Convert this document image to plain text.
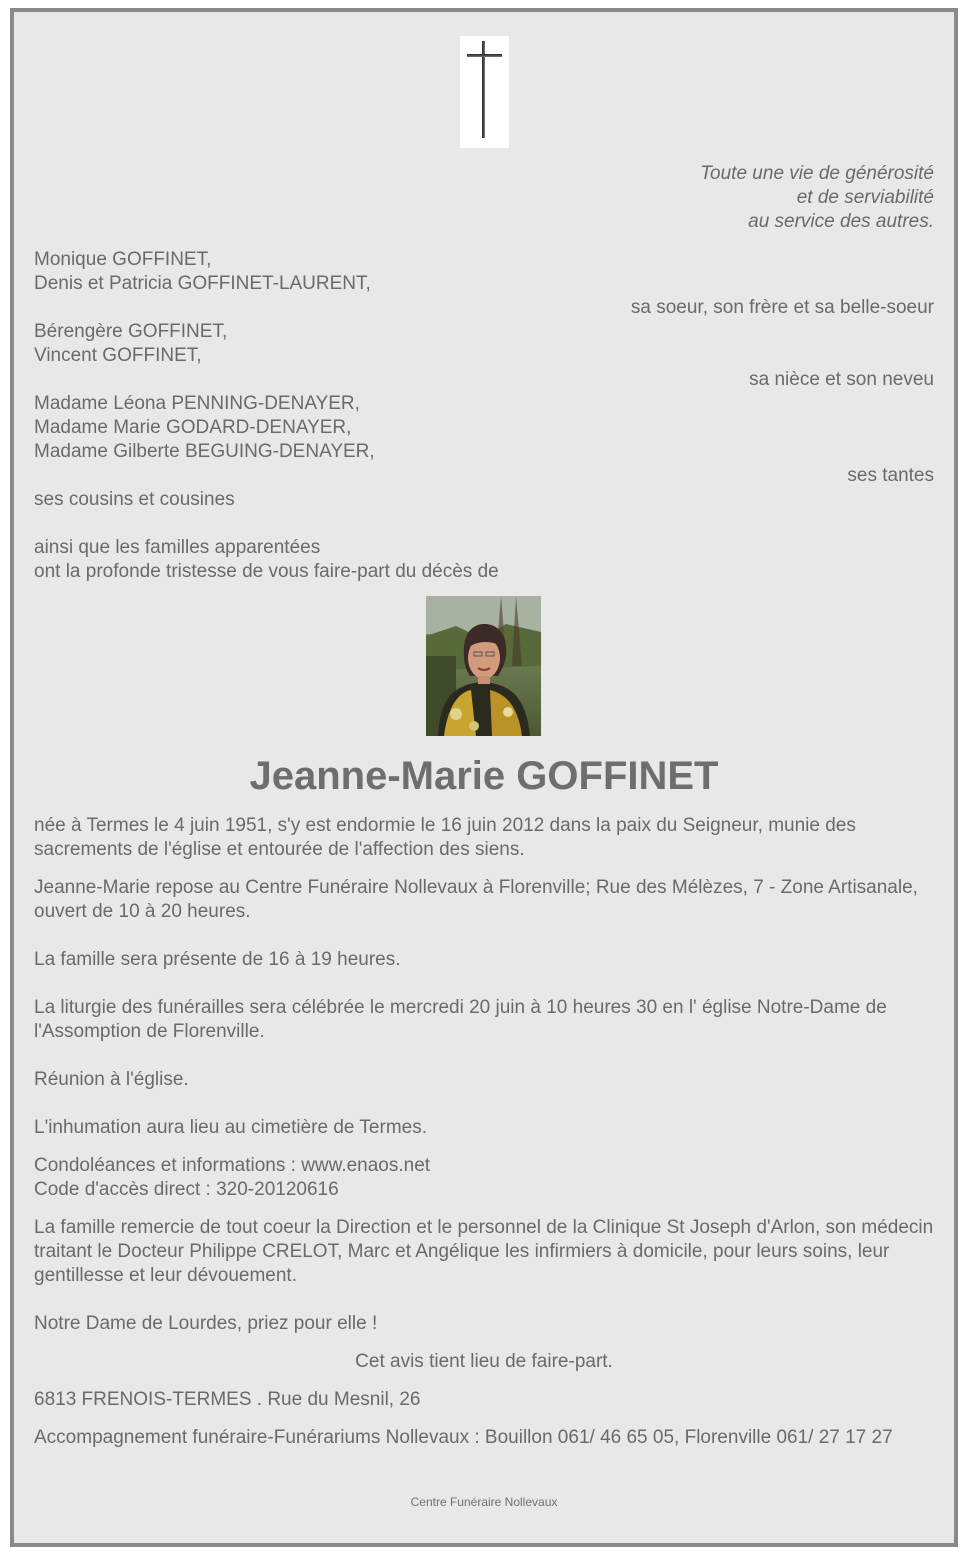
Toute une vie de générosité
et de serviabilité
au service des autres.
Monique GOFFINET,
Denis et Patricia GOFFINET-LAURENT,
sa soeur, son frère et sa belle-soeur
Bérengère GOFFINET,
Vincent GOFFINET,
sa nièce et son neveu
Madame Léona PENNING-DENAYER,
Madame Marie GODARD-DENAYER,
Madame Gilberte BEGUING-DENAYER,
ses tantes
ses cousins et cousines
ainsi que les familles apparentées
ont la profonde tristesse de vous faire-part du décès de
Jeanne-Marie GOFFINET
née à Termes le 4 juin 1951, s'y est endormie le 16 juin 2012 dans la paix du Seigneur, munie des sacrements de l'église et entourée de l'affection des siens.
Jeanne-Marie repose au Centre Funéraire Nollevaux à Florenville; Rue des Mélèzes, 7 - Zone Artisanale, ouvert de 10 à 20 heures.
La famille sera présente de 16 à 19 heures.
La liturgie des funérailles sera célébrée le mercredi 20 juin à 10 heures 30 en l' église Notre-Dame de l'Assomption de Florenville.
Réunion à l'église.
L'inhumation aura lieu au cimetière de Termes.
Condoléances et informations : www.enaos.net
Code d'accès direct : 320-20120616
La famille remercie de tout coeur la Direction et le personnel de la Clinique St Joseph d'Arlon, son médecin traitant le Docteur Philippe CRELOT, Marc et Angélique les infirmiers à domicile, pour leurs soins, leur gentillesse et leur dévouement.
Notre Dame de Lourdes, priez pour elle !
Cet avis tient lieu de faire-part.
6813 FRENOIS-TERMES . Rue du Mesnil, 26
Accompagnement funéraire-Funérariums Nollevaux : Bouillon 061/ 46 65 05, Florenville 061/ 27 17 27
Centre Funéraire Nollevaux
